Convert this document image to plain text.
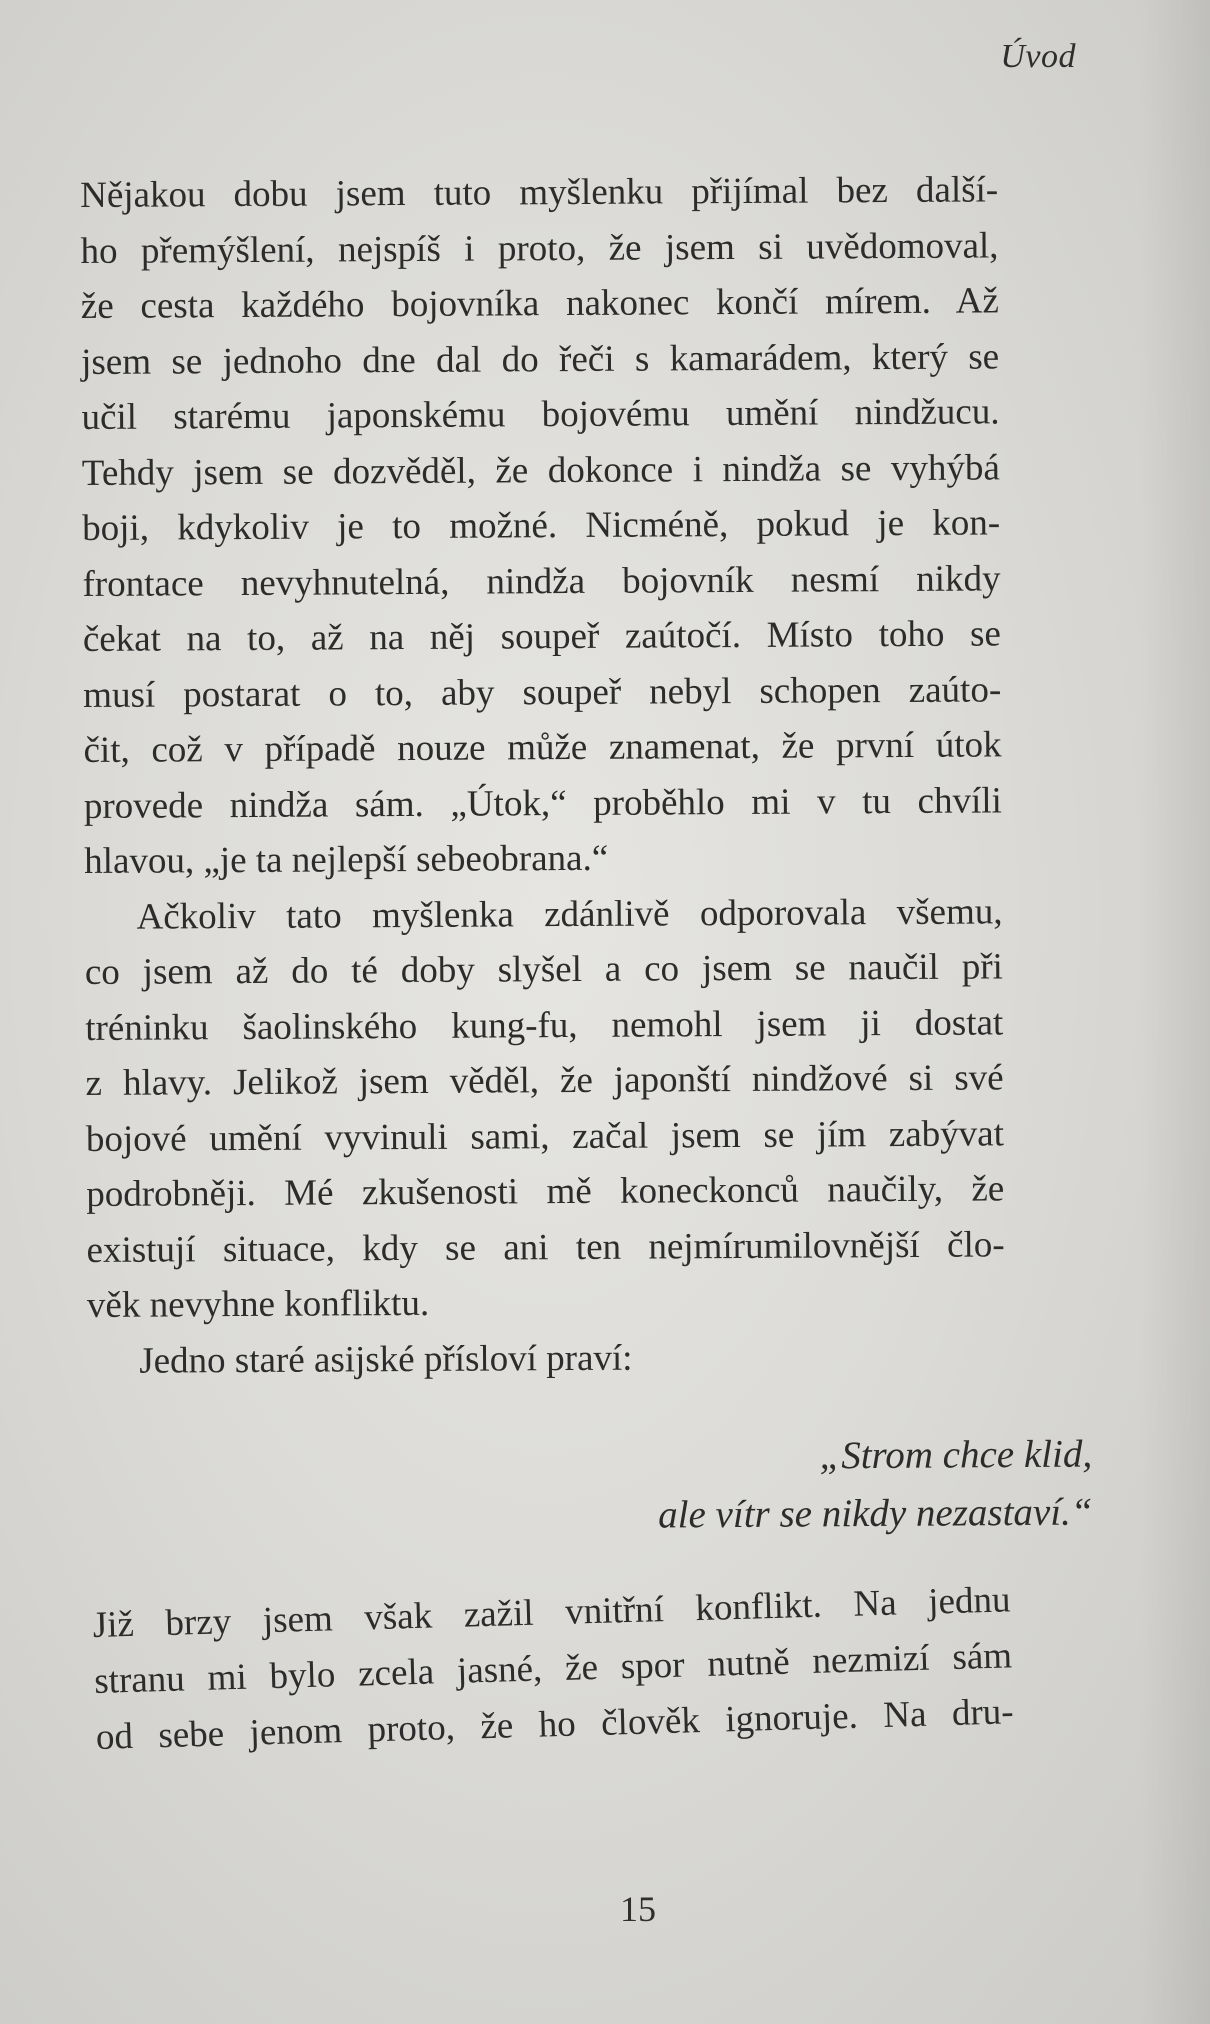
Úvod
Nějakou dobu jsem tuto myšlenku přijímal bez další-
ho přemýšlení, nejspíš i proto, že jsem si uvědomoval,
že cesta každého bojovníka nakonec končí mírem. Až
jsem se jednoho dne dal do řeči s kamarádem, který se
učil starému japonskému bojovému umění nindžucu.
Tehdy jsem se dozvěděl, že dokonce i nindža se vyhýbá
boji, kdykoliv je to možné. Nicméně, pokud je kon-
frontace nevyhnutelná, nindža bojovník nesmí nikdy
čekat na to, až na něj soupeř zaútočí. Místo toho se
musí postarat o to, aby soupeř nebyl schopen zaúto-
čit, což v případě nouze může znamenat, že první útok
provede nindža sám. „Útok,“ proběhlo mi v tu chvíli
hlavou, „je ta nejlepší sebeobrana.“
Ačkoliv tato myšlenka zdánlivě odporovala všemu,
co jsem až do té doby slyšel a co jsem se naučil při
tréninku šaolinského kung-fu, nemohl jsem ji dostat
z hlavy. Jelikož jsem věděl, že japonští nindžové si své
bojové umění vyvinuli sami, začal jsem se jím zabývat
podrobněji. Mé zkušenosti mě koneckonců naučily, že
existují situace, kdy se ani ten nejmírumilovnější člo-
věk nevyhne konfliktu.
Jedno staré asijské přísloví praví:
„Strom chce klid,
ale vítr se nikdy nezastaví.“
Již brzy jsem však zažil vnitřní konflikt. Na jednu
stranu mi bylo zcela jasné, že spor nutně nezmizí sám
od sebe jenom proto, že ho člověk ignoruje. Na dru-
15
